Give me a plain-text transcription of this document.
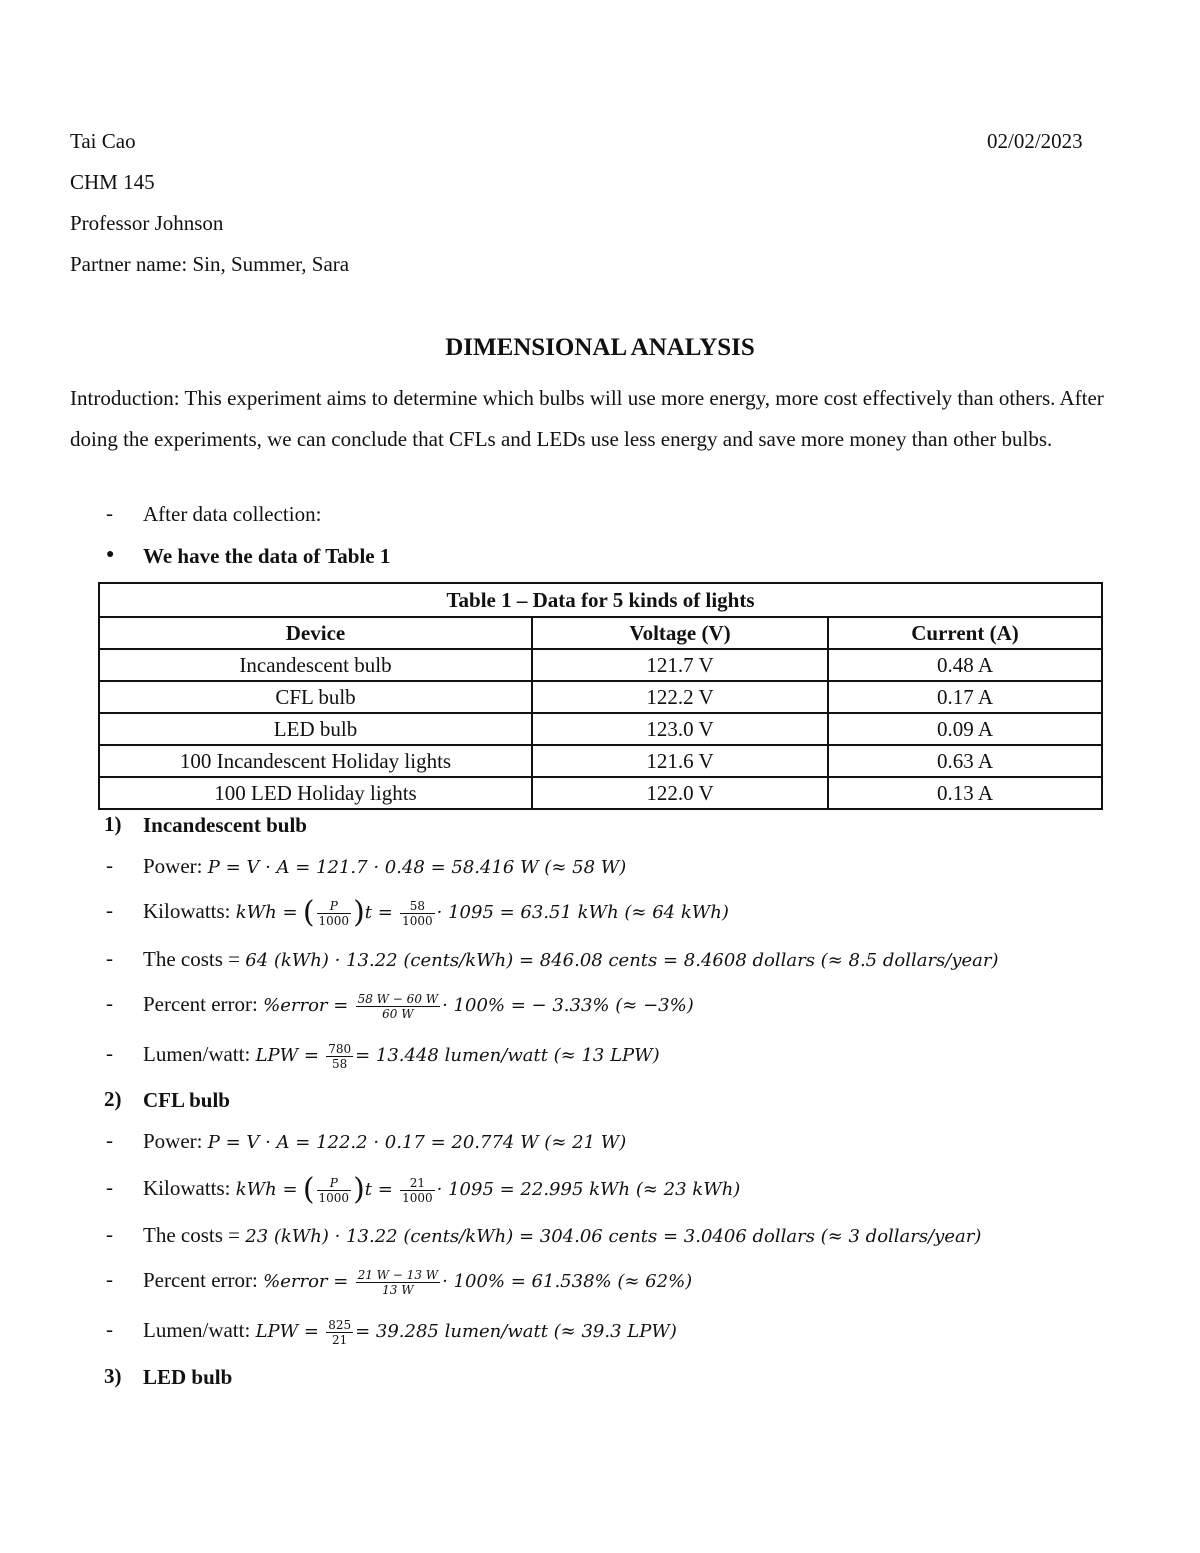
Tai Cao	02/02/2023
CHM 145
Professor Johnson
Partner name: Sin, Summer, Sara
DIMENSIONAL ANALYSIS
Introduction: This experiment aims to determine which bulbs will use more energy, more cost effectively than others. After doing the experiments, we can conclude that CFLs and LEDs use less energy and save more money than other bulbs.
- After data collection:
● We have the data of Table 1
Table 1 – Data for 5 kinds of lights		
Device	Voltage (V)	Current (A)
Incandescent bulb	121.7 V	0.48 A
CFL bulb	122.2 V	0.17 A
LED bulb	123.0 V	0.09 A
100 Incandescent Holiday lights	121.6 V	0.63 A
100 LED Holiday lights	122.0 V	0.13 A
1) Incandescent bulb
- Power: P = V · A = 121.7 · 0.48 = 58.416 W (≈ 58 W)
- Kilowatts: kWh = ( $\frac{P}{1000} )t = \frac{58}{1000} \cdot 1095 = 63.51$ kWh (≈ 64 kWh)
- The costs = 64 (kWh) · 13.22 (cents/kWh) = 846.08 cents = 8.4608 dollars (≈ 8.5 dollars/year)
- Percent error: %error = $\frac{58 W - 60 W}{60 W} \cdot 100\%$ = − 3.33% (≈ −3%)
- Lumen/watt: LPW = $\frac{780}{58} = 13.448$ lumen/watt (≈ 13 LPW)
2) CFL bulb
- Power: P = V · A = 122.2 · 0.17 = 20.774 W (≈ 21 W)
- Kilowatts: kWh = ( $\frac{P}{1000} )t = \frac{21}{1000} \cdot 1095 = 22.995$ kWh (≈ 23 kWh)
- The costs = 23 (kWh) · 13.22 (cents/kWh) = 304.06 cents = 3.0406 dollars (≈ 3 dollars/year)
- Percent error: %error = $\frac{21 W - 13 W}{13 W} \cdot 100\% = 61.538\%$ (≈ 62%)
- Lumen/watt: LPW = $\frac{825}{21} = 39.285$ lumen/watt (≈ 39.3 LPW)
3) LED bulb
